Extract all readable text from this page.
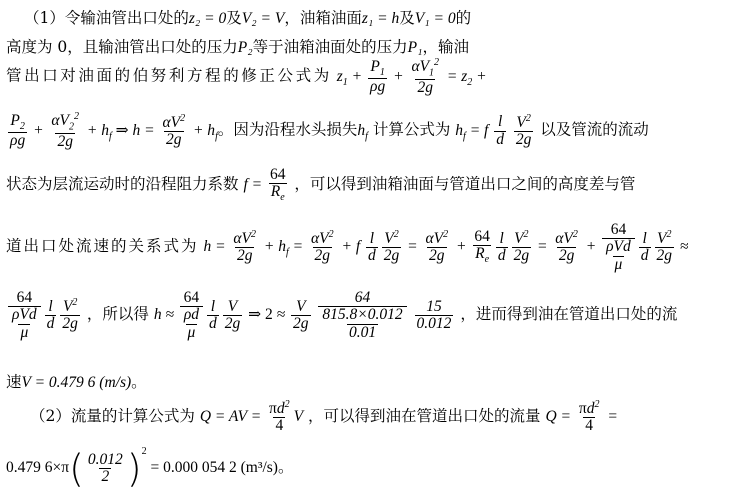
（1）令输油管出口处的z₂ = 0及V₂ = V，油箱油面z₁ = h及V₁ = 0的
高度为 0，且输油管出口处的压力P₂等于油箱油面处的压力P₁，输油
管出口对油面的伯努利方程的修正公式为 $z_1 + \frac{P_1}{\rho g} + \frac{\alpha V_1^2}{2g} = z_2$ +
$\frac{P_2}{\rho g} + \frac{\alpha V_2^2}{2g} + h_f$ ⇒ $h = \frac{\alpha V^2}{2g} + h_f$。因为沿程水头损失$h_f$ 计算公式为 $h_f = f \frac{l}{d}$
$\frac{V^2}{2g}$ 以及管流的流动
状态为层流运动时的沿程阻力系数 $f = \frac{64}{R_e}$ ，可以得到油箱油面与管道出口之间的高度差与管
道出口处流速的关系式为 $h = \frac{\alpha V^2}{2g} + h_f = \frac{\alpha V^2}{2g} + f \frac{l}{d} \frac{V^2}{2g} = \frac{\alpha V^2}{2g} + \frac{64}{R_e} \frac{l}{d} \frac{V^2}{2g} = \frac{\alpha V^2}{2g} + \frac{64}{\frac{\text{ρVd}}{\mu}} \frac{l}{d} \frac{V^2}{2g}$ ≈
$\frac{64}{\frac{\text{ρVd}}{\mu}} \frac{l}{d} \frac{V^2}{2g}$ ，所以得 $h \approx \frac{64}{\frac{\rho d}{\mu}} \frac{l}{d} \frac{V}{2g}$ ⇒ $2 \approx \frac{V}{2g}$
$\frac{64}{\frac{815.8\times 0.012}{0.01}}$
$\frac{15}{0.012}$ ，进而得到油在管道出口处的流
速V = 0.479 6 (m/s)。
（2）流量的计算公式为 Q = AV = $\frac{\pi d^2}{4}$ V ，可以得到油在管道出口处的流量 $Q = \frac{\pi d^2}{4}$ =
0.479 $6\times\pi( \frac{0.012}{2} )^2 = 0.000$ 054 2 (m³/s)。
